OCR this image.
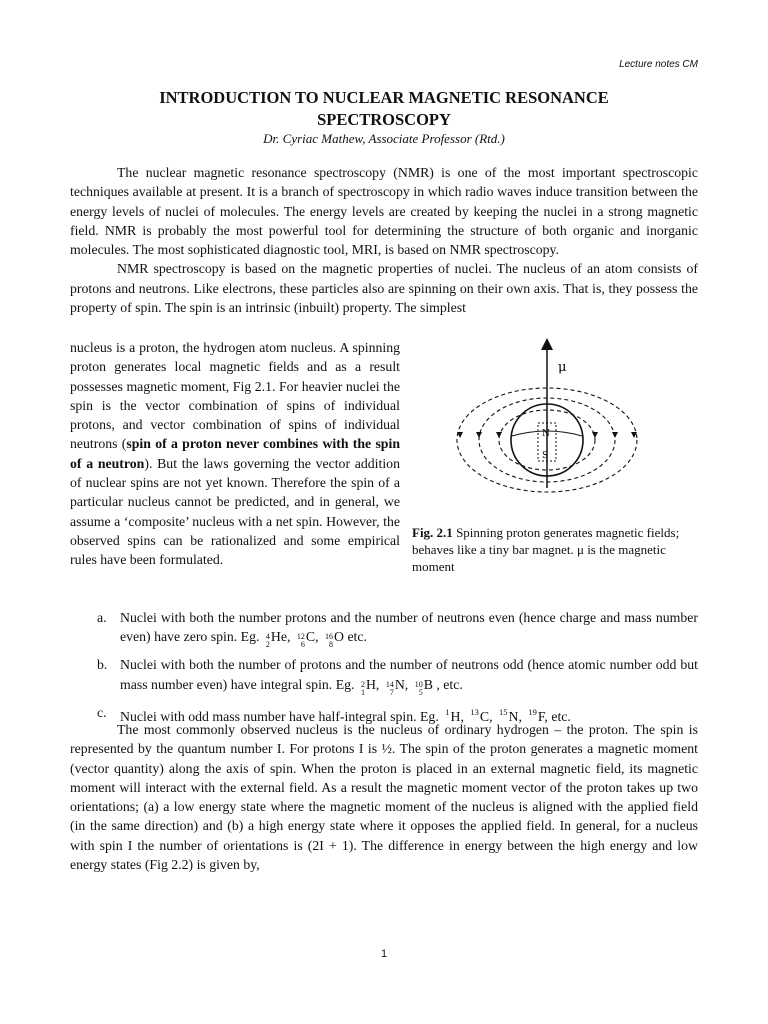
Lecture notes CM
INTRODUCTION TO NUCLEAR MAGNETIC RESONANCE
SPECTROSCOPY
Dr. Cyriac Mathew, Associate Professor (Rtd.)

The nuclear magnetic resonance spectroscopy (NMR) is one of the most important spectroscopic techniques available at present. It is a branch of spectroscopy in which radio waves induce transition between the energy levels of nuclei of molecules. The energy levels are created by keeping the nuclei in a strong magnetic field. NMR is probably the most powerful tool for determining the structure of both organic and inorganic molecules. The most sophisticated diagnostic tool, MRI, is based on NMR spectroscopy.

NMR spectroscopy is based on the magnetic properties of nuclei. The nucleus of an atom consists of protons and neutrons. Like electrons, these particles also are spinning on their own axis. That is, they possess the property of spin. The spin is an intrinsic (inbuilt) property. The simplest

nucleus is a proton, the hydrogen atom nucleus. A spinning proton generates local magnetic fields and as a result possesses magnetic moment, Fig 2.1. For heavier nuclei the spin is the vector combination of spins of individual protons, and vector combination of spins of individual neutrons (spin of a proton never combines with the spin of a neutron). But the laws governing the vector addition of nuclear spins are not yet known. Therefore the spin of a particular nucleus cannot be predicted, and in general, we assume a ‘composite’ nucleus with a net spin. However, the observed spins can be rationalized and some empirical rules have been formulated.
μ
N
S
Fig. 2.1 Spinning proton generates magnetic fields; behaves like a tiny bar magnet. μ is the magnetic moment
a. Nuclei with both the number protons and the number of neutrons even (hence charge and mass number even) have zero spin. Eg. 4
2
He, 12
6
C, 16
8
O etc.
b. Nuclei with both the number of protons and the number of neutrons odd (hence atomic number odd but mass number even) have integral spin. Eg. 2
1
H, 14
7
N, 10
5
B , etc.
c. Nuclei with odd mass number have half-integral spin. Eg. $^1$H, $^{13}$C, $^{15}$N, $^{19}$F, etc.
The most commonly observed nucleus is the nucleus of ordinary hydrogen – the proton. The spin is represented by the quantum number I. For protons I is ½. The spin of the proton generates a magnetic moment (vector quantity) along the axis of spin. When the proton is placed in an external magnetic field, its magnetic moment will interact with the external field. As a result the magnetic moment vector of the proton takes up two orientations; (a) a low energy state where the magnetic moment of the nucleus is aligned with the applied field (in the same direction) and (b) a high energy state where it opposes the applied field. In general, for a nucleus with spin I the number of orientations is (2I + 1). The difference in energy between the high energy and low energy states (Fig 2.2) is given by,
1
